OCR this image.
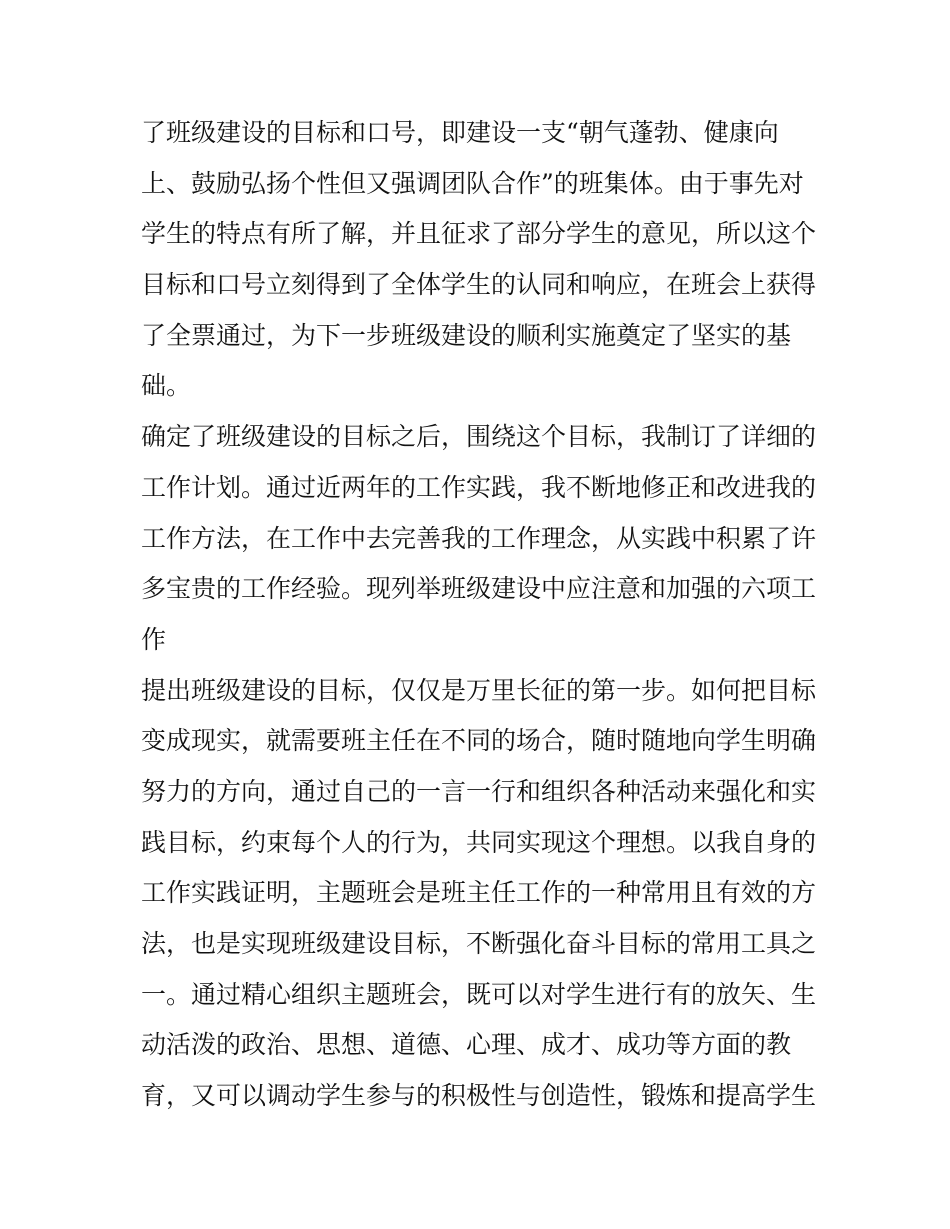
了班级建设的目标和口号，即建设一支“朝气蓬勃、健康向
上、鼓励弘扬个性但又强调团队合作”的班集体。由于事先对
学生的特点有所了解，并且征求了部分学生的意见，所以这个
目标和口号立刻得到了全体学生的认同和响应，在班会上获得
了全票通过，为下一步班级建设的顺利实施奠定了坚实的基
础。
确定了班级建设的目标之后，围绕这个目标，我制订了详细的
工作计划。通过近两年的工作实践，我不断地修正和改进我的
工作方法，在工作中去完善我的工作理念，从实践中积累了许
多宝贵的工作经验。现列举班级建设中应注意和加强的六项工
作
提出班级建设的目标，仅仅是万里长征的第一步。如何把目标
变成现实，就需要班主任在不同的场合，随时随地向学生明确
努力的方向，通过自己的一言一行和组织各种活动来强化和实
践目标，约束每个人的行为，共同实现这个理想。以我自身的
工作实践证明，主题班会是班主任工作的一种常用且有效的方
法，也是实现班级建设目标，不断强化奋斗目标的常用工具之
一。通过精心组织主题班会，既可以对学生进行有的放矢、生
动活泼的政治、思想、道德、心理、成才、成功等方面的教
育，又可以调动学生参与的积极性与创造性，锻炼和提高学生
